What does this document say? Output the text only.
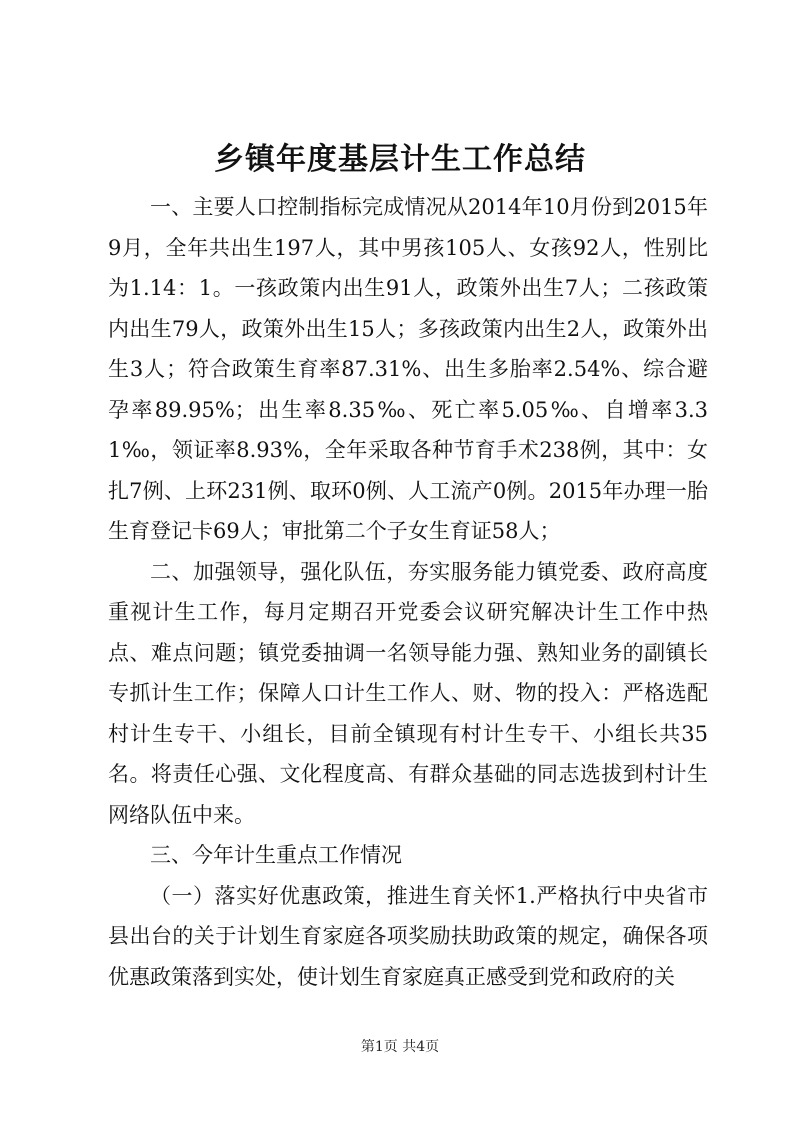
乡镇年度基层计生工作总结

一、主要人口控制指标完成情况从2014年10月份到2015年9月，全年共出生197人，其中男孩105人、女孩92人，性别比为1.14：1。一孩政策内出生91人，政策外出生7人；二孩政策内出生79人，政策外出生15人；多孩政策内出生2人，政策外出生3人；符合政策生育率87.31%、出生多胎率2.54%、综合避孕率89.95%；出生率8.35‰、死亡率5.05‰、自增率3.31‰，领证率8.93%，全年采取各种节育手术238例，其中：女扎7例、上环231例、取环0例、人工流产0例。2015年办理一胎生育登记卡69人；审批第二个子女生育证58人；

二、加强领导，强化队伍，夯实服务能力镇党委、政府高度重视计生工作，每月定期召开党委会议研究解决计生工作中热点、难点问题；镇党委抽调一名领导能力强、熟知业务的副镇长专抓计生工作；保障人口计生工作人、财、物的投入：严格选配村计生专干、小组长，目前全镇现有村计生专干、小组长共35名。将责任心强、文化程度高、有群众基础的同志选拔到村计生网络队伍中来。

三、今年计生重点工作情况

（一）落实好优惠政策，推进生育关怀1.严格执行中央省市县出台的关于计划生育家庭各项奖励扶助政策的规定，确保各项优惠政策落到实处，使计划生育家庭真正感受到党和政府的关

第1页 共4页
